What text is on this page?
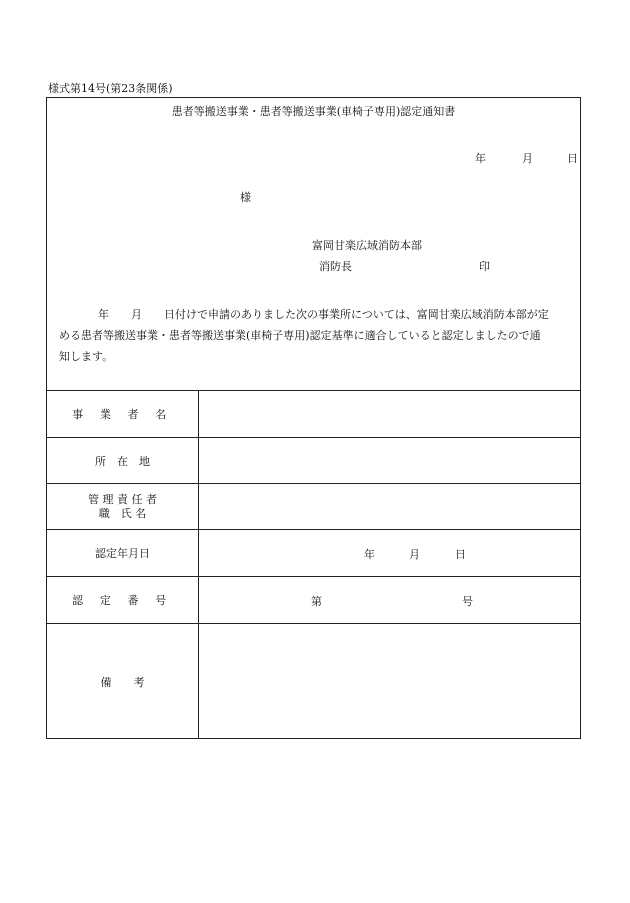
様式第14号(第23条関係)
患者等搬送事業・患者等搬送事業(車椅子専用)認定通知書
年	月	日
様
富岡甘楽広域消防本部
消防長	印
年 月 日付けで申請のありました次の事業所については、富岡甘楽広域消防本部が定
める患者等搬送事業・患者等搬送事業(車椅子専用)認定基準に適合していると認定しましたので通
知します。
事 業 者 名
所　在　地
管 理 責 任 者
職　氏 名
認定年月日	年	月	日
認 定 番 号	第	号
備　　考
